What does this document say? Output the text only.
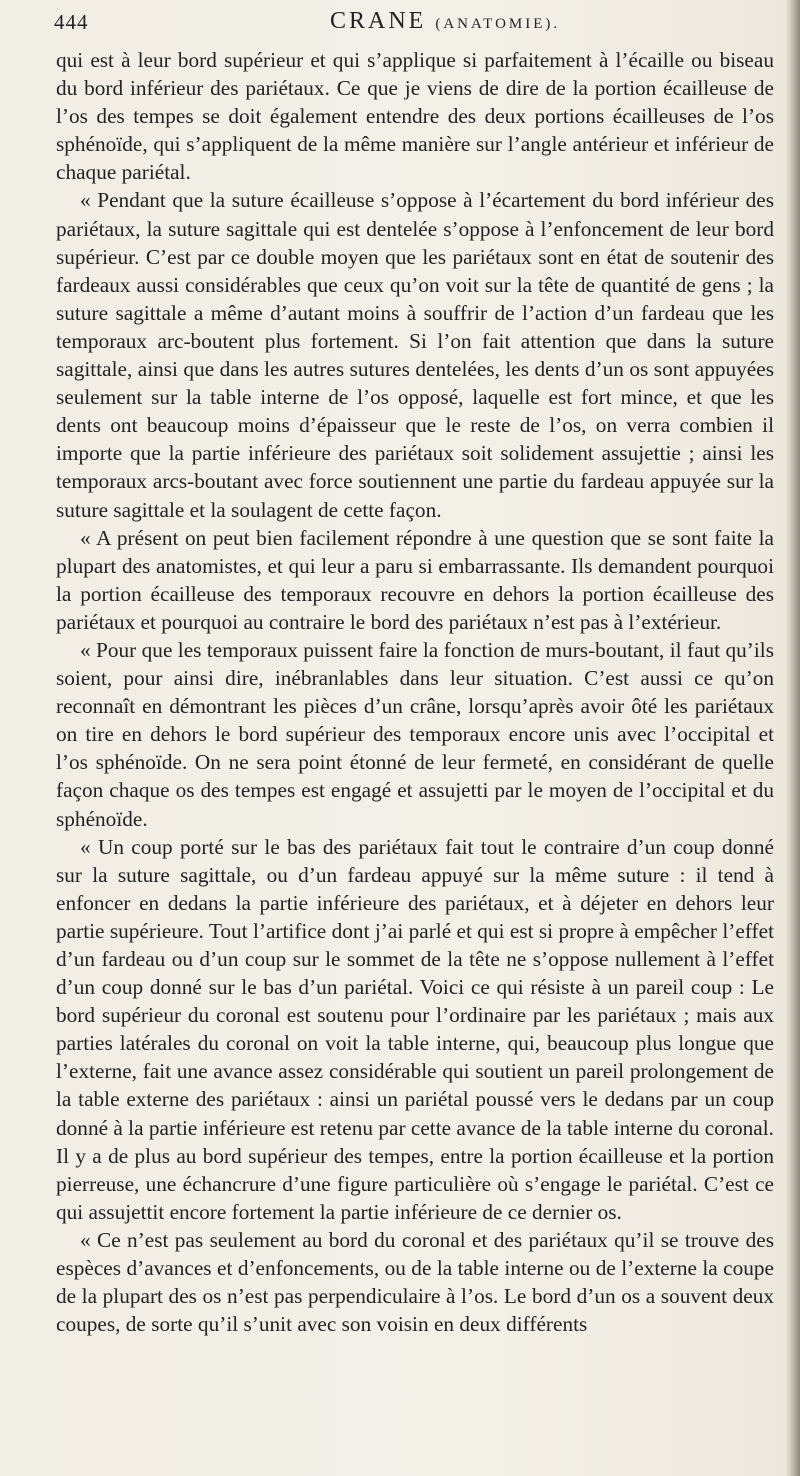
444	CRANE (ANATOMIE).

qui est à leur bord supérieur et qui s’applique si parfaitement à l’écaille ou biseau du bord inférieur des pariétaux. Ce que je viens de dire de la portion écailleuse de l’os des tempes se doit également entendre des deux portions écailleuses de l’os sphénoïde, qui s’appliquent de la même manière sur l’angle antérieur et inférieur de chaque pariétal.

« Pendant que la suture écailleuse s’oppose à l’écartement du bord inférieur des pariétaux, la suture sagittale qui est dentelée s’oppose à l’enfoncement de leur bord supérieur. C’est par ce double moyen que les pariétaux sont en état de soutenir des fardeaux aussi considérables que ceux qu’on voit sur la tête de quantité de gens ; la suture sagittale a même d’autant moins à souffrir de l’action d’un fardeau que les temporaux arc-boutent plus fortement. Si l’on fait attention que dans la suture sagittale, ainsi que dans les autres sutures dentelées, les dents d’un os sont appuyées seulement sur la table interne de l’os opposé, laquelle est fort mince, et que les dents ont beaucoup moins d’épaisseur que le reste de l’os, on verra combien il importe que la partie inférieure des pariétaux soit solidement assujettie ; ainsi les temporaux arcs-boutant avec force soutiennent une partie du fardeau appuyée sur la suture sagittale et la soulagent de cette façon.

« A présent on peut bien facilement répondre à une question que se sont faite la plupart des anatomistes, et qui leur a paru si embarrassante. Ils demandent pourquoi la portion écailleuse des temporaux recouvre en dehors la portion écailleuse des pariétaux et pourquoi au contraire le bord des pariétaux n’est pas à l’extérieur.

« Pour que les temporaux puissent faire la fonction de murs-boutant, il faut qu’ils soient, pour ainsi dire, inébranlables dans leur situation. C’est aussi ce qu’on reconnaît en démontrant les pièces d’un crâne, lorsqu’après avoir ôté les pariétaux on tire en dehors le bord supérieur des temporaux encore unis avec l’occipital et l’os sphénoïde. On ne sera point étonné de leur fermeté, en considérant de quelle façon chaque os des tempes est engagé et assujetti par le moyen de l’occipital et du sphénoïde.

« Un coup porté sur le bas des pariétaux fait tout le contraire d’un coup donné sur la suture sagittale, ou d’un fardeau appuyé sur la même suture : il tend à enfoncer en dedans la partie inférieure des pariétaux, et à déjeter en dehors leur partie supérieure. Tout l’artifice dont j’ai parlé et qui est si propre à empêcher l’effet d’un fardeau ou d’un coup sur le sommet de la tête ne s’oppose nullement à l’effet d’un coup donné sur le bas d’un pariétal. Voici ce qui résiste à un pareil coup : Le bord supérieur du coronal est soutenu pour l’ordinaire par les pariétaux ; mais aux parties latérales du coronal on voit la table interne, qui, beaucoup plus longue que l’externe, fait une avance assez considérable qui soutient un pareil prolongement de la table externe des pariétaux : ainsi un pariétal poussé vers le dedans par un coup donné à la partie inférieure est retenu par cette avance de la table interne du coronal. Il y a de plus au bord supérieur des tempes, entre la portion écailleuse et la portion pierreuse, une échancrure d’une figure particulière où s’engage le pariétal. C’est ce qui assujettit encore fortement la partie inférieure de ce dernier os.

« Ce n’est pas seulement au bord du coronal et des pariétaux qu’il se trouve des espèces d’avances et d’enfoncements, ou de la table interne ou de l’externe la coupe de la plupart des os n’est pas perpendiculaire à l’os. Le bord d’un os a souvent deux coupes, de sorte qu’il s’unit avec son voisin en deux différents
